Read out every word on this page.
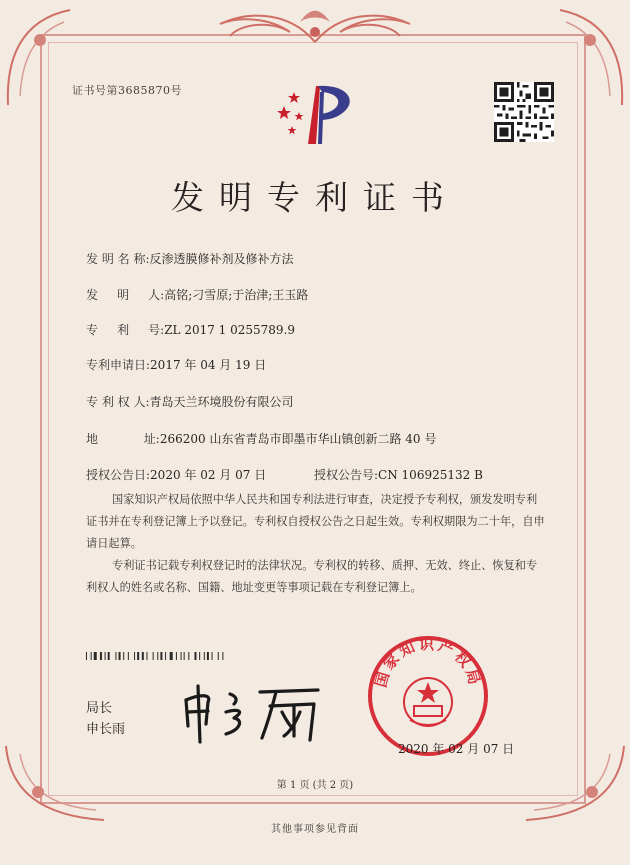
证书号第3685870号
发明专利证书
发 明 名 称:反渗透膜修补剂及修补方法
发     明     人:高铭;刁雪原;于治津;王玉路
专     利     号:ZL 2017 1 0255789.9
专利申请日:2017 年 04 月 19 日
专 利 权 人:青岛天兰环境股份有限公司
地            址:266200 山东省青岛市即墨市华山镇创新二路 40 号
授权公告日:2020 年 02 月 07 日	授权公告号:CN 106925132 B
国家知识产权局依照中华人民共和国专利法进行审查，决定授予专利权，颁发发明专利证书并在专利登记簿上予以登记。专利权自授权公告之日起生效。专利权期限为二十年，自申请日起算。
专利证书记载专利权登记时的法律状况。专利权的转移、质押、无效、终止、恢复和专利权人的姓名或名称、国籍、地址变更等事项记载在专利登记簿上。
局长
申长雨
国家知识产权局
2020 年 02 月 07 日
第 1 页 (共 2 页)
其他事项参见背面
